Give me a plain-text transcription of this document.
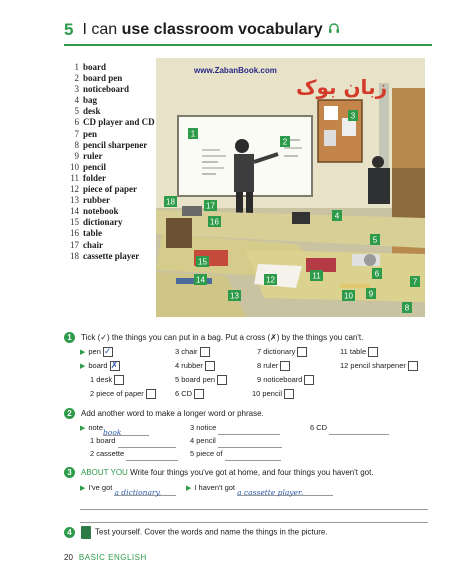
5 I can use classroom vocabulary
1 board
2 board pen
3 noticeboard
4 bag
5 desk
6 CD player and CD
7 pen
8 pencil sharpener
9 ruler
10 pencil
11 folder
12 piece of paper
13 rubber
14 notebook
15 dictionary
16 table
17 chair
18 cassette player
www.ZabanBook.com
زبان بوک
1
2
3
4
5
6
7
8
9
10
11
12
13
14
15
16
17
18
1 Tick (✓) the things you can put in a bag. Put a cross (✗) by the things you can't.
▶ pen ✓
▶ board ✗
1 desk
2 piece of paper
3 chair
4 rubber
5 board pen
6 CD
7 dictionary
8 ruler
9 noticeboard
10 pencil
11 table
12 pencil sharpener
2 Add another word to make a longer word or phrase.
▶ notebook
1 board
2 cassette
3 notice
4 pencil
5 piece of
6 CD
3 ABOUT YOU Write four things you've got at home, and four things you haven't got.
▶ I've got a dictionary.	▶ I haven't got a cassette player.
4	Test yourself. Cover the words and name the things in the picture.
20 BASIC ENGLISH
